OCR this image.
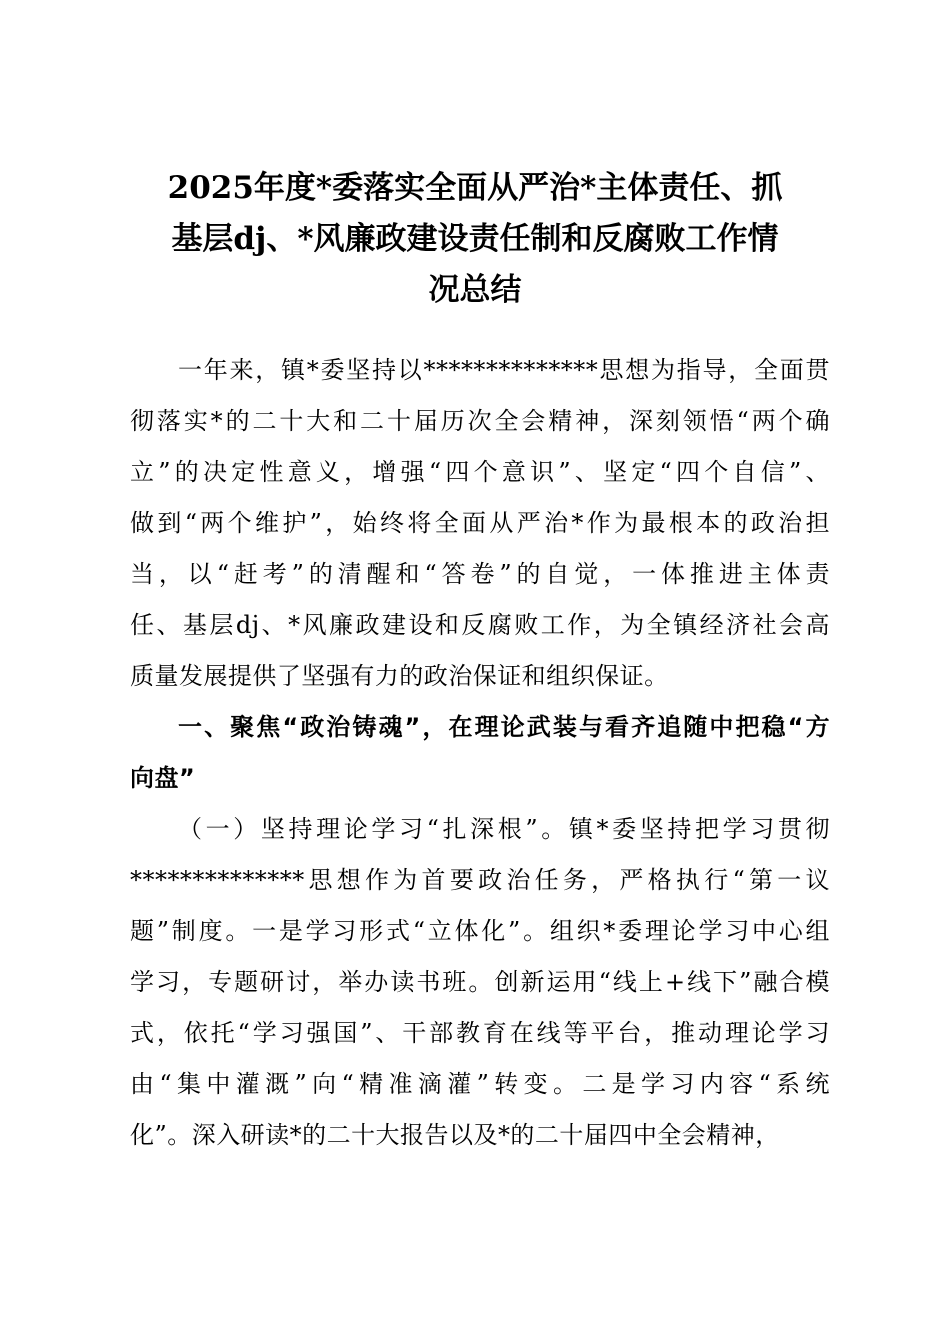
2025年度*委落实全面从严治*主体责任、抓
基层dj、*风廉政建设责任制和反腐败工作情
况总结
一年来，镇*委坚持以**************思想为指导，全面贯
彻落实*的二十大和二十届历次全会精神，深刻领悟“两个确
立”的决定性意义，增强“四个意识”、坚定“四个自信”、
做到“两个维护”，始终将全面从严治*作为最根本的政治担
当，以“赶考”的清醒和“答卷”的自觉，一体推进主体责
任、基层dj、*风廉政建设和反腐败工作，为全镇经济社会高
质量发展提供了坚强有力的政治保证和组织保证。
一、聚焦“政治铸魂”，在理论武装与看齐追随中把稳“方
向盘”
（一）坚持理论学习“扎深根”。镇*委坚持把学习贯彻
**************思想作为首要政治任务，严格执行“第一议
题”制度。一是学习形式“立体化”。组织*委理论学习中心组
学习，专题研讨，举办读书班。创新运用“线上+线下”融合模
式，依托“学习强国”、干部教育在线等平台，推动理论学习
由“集中灌溉”向“精准滴灌”转变。二是学习内容“系统
化”。深入研读*的二十大报告以及*的二十届四中全会精神，
